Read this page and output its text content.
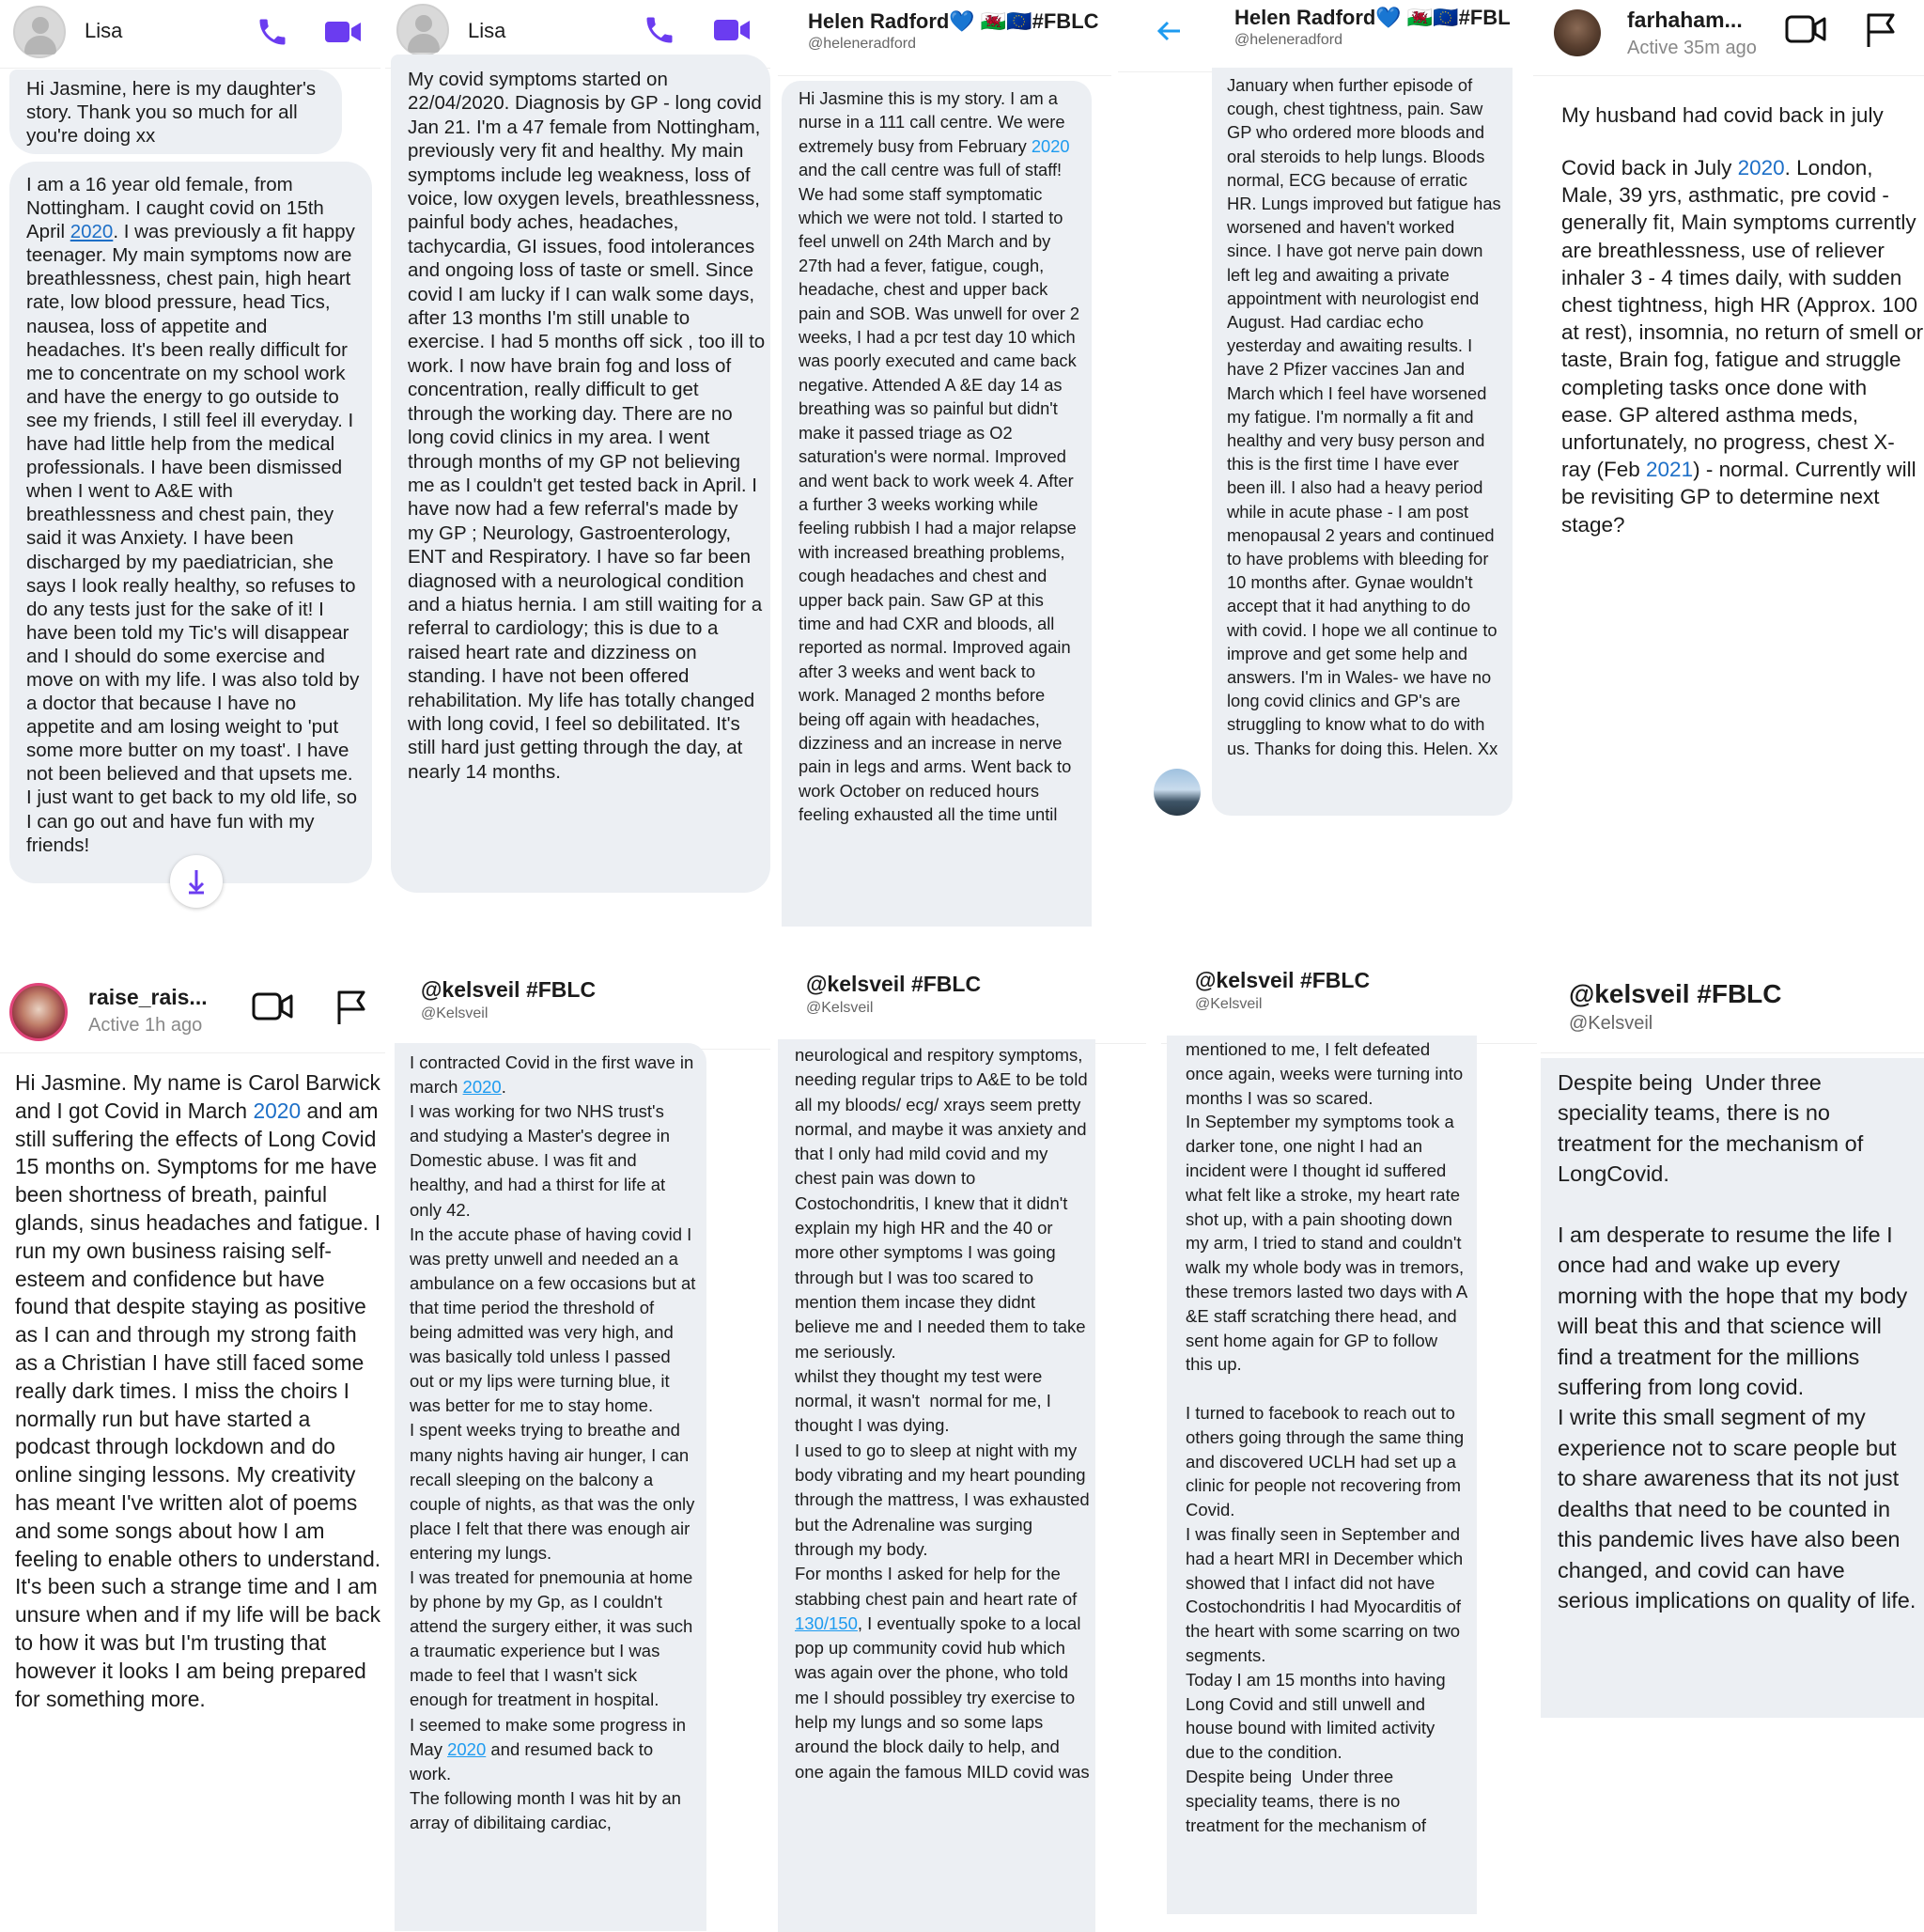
Lisa

Hi Jasmine, here is my daughter's story. Thank you so much for all you're doing xx

I am a 16 year old female, from Nottingham. I caught covid on 15th April 2020. I was previously a fit happy teenager. My main symptoms now are breathlessness, chest pain, high heart rate, low blood pressure, head Tics, nausea, loss of appetite and headaches. It's been really difficult for me to concentrate on my school work and have the energy to go outside to see my friends, I still feel ill everyday. I have had little help from the medical professionals. I have been dismissed when I went to A&E with breathlessness and chest pain, they said it was Anxiety. I have been discharged by my paediatrician, she says I look really healthy, so refuses to do any tests just for the sake of it! I have been told my Tic's will disappear and I should do some exercise and move on with my life. I was also told by a doctor that because I have no appetite and am losing weight to 'put some more butter on my toast'. I have not been believed and that upsets me. I just want to get back to my old life, so I can go out and have fun with my friends!

Lisa

My covid symptoms started on 22/04/2020. Diagnosis by GP - long covid Jan 21. I'm a 47 female from Nottingham, previously very fit and healthy. My main symptoms include leg weakness, loss of voice, low oxygen levels, breathlessness, painful body aches, headaches, tachycardia, GI issues, food intolerances and ongoing loss of taste or smell. Since covid I am lucky if I can walk some days, after 13 months I'm still unable to exercise. I had 5 months off sick , too ill to work. I now have brain fog and loss of concentration, really difficult to get through the working day. There are no long covid clinics in my area. I went through months of my GP not believing me as I couldn't get tested back in April. I have now had a few referral's made by my GP ; Neurology, Gastroenterology, ENT and Respiratory. I have so far been diagnosed with a neurological condition and a hiatus hernia. I am still waiting for a referral to cardiology; this is due to a raised heart rate and dizziness on standing. I have not been offered rehabilitation. My life has totally changed with long covid, I feel so debilitated. It's still hard just getting through the day, at nearly 14 months.

Helen Radford💙 🏴󠁧󠁢󠁷󠁬󠁳󠁿🇪🇺#FBLC
@heleneradford

Hi Jasmine this is my story. I am a nurse in a 111 call centre. We were extremely busy from February 2020 and the call centre was full of staff! We had some staff symptomatic which we were not told. I started to feel unwell on 24th March and by 27th had a fever, fatigue, cough, headache, chest and upper back pain and SOB. Was unwell for over 2 weeks, I had a pcr test day 10 which was poorly executed and came back negative. Attended A &E day 14 as breathing was so painful but didn't make it passed triage as O2 saturation's were normal. Improved and went back to work week 4. After a further 3 weeks working while feeling rubbish I had a major relapse with increased breathing problems, cough headaches and chest and upper back pain. Saw GP at this time and had CXR and bloods, all reported as normal. Improved again after 3 weeks and went back to work. Managed 2 months before being off again with headaches, dizziness and an increase in nerve pain in legs and arms. Went back to work October on reduced hours feeling exhausted all the time until

Helen Radford💙 🏴󠁧󠁢󠁷󠁬󠁳󠁿🇪🇺#FBL
@heleneradford

January when further episode of cough, chest tightness, pain. Saw GP who ordered more bloods and oral steroids to help lungs. Bloods normal, ECG because of erratic HR. Lungs improved but fatigue has worsened and haven't worked since. I have got nerve pain down left leg and awaiting a private appointment with neurologist end August. Had cardiac echo yesterday and awaiting results. I have 2 Pfizer vaccines Jan and March which I feel have worsened my fatigue. I'm normally a fit and healthy and very busy person and this is the first time I have ever been ill. I also had a heavy period while in acute phase - I am post menopausal 2 years and continued to have problems with bleeding for 10 months after. Gynae wouldn't accept that it had anything to do with covid. I hope we all continue to improve and get some help and answers. I'm in Wales- we have no long covid clinics and GP's are struggling to know what to do with us. Thanks for doing this. Helen. Xx

farhaham...
Active 35m ago

My husband had covid back in july

Covid back in July 2020. London, Male, 39 yrs, asthmatic, pre covid - generally fit, Main symptoms currently are breathlessness, use of reliever inhaler 3 - 4 times daily, with sudden chest tightness, high HR (Approx. 100 at rest), insomnia, no return of smell or taste, Brain fog, fatigue and struggle completing tasks once done with ease. GP altered asthma meds, unfortunately, no progress, chest X-ray (Feb 2021) - normal. Currently will be revisiting GP to determine next stage?

raise_rais...
Active 1h ago

Hi Jasmine. My name is Carol Barwick and I got Covid in March 2020 and am still suffering the effects of Long Covid 15 months on. Symptoms for me have been shortness of breath, painful glands, sinus headaches and fatigue. I run my own business raising self-esteem and confidence but have found that despite staying as positive as I can and through my strong faith as a Christian I have still faced some really dark times. I miss the choirs I normally run but have started a podcast through lockdown and do online singing lessons. My creativity has meant I've written alot of poems and some songs about how I am feeling to enable others to understand. It's been such a strange time and I am unsure when and if my life will be back to how it was but I'm trusting that however it looks I am being prepared for something more.

@kelsveil #FBLC
@Kelsveil

I contracted Covid in the first wave in march 2020.
I was working for two NHS trust's and studying a Master's degree in Domestic abuse. I was fit and healthy, and had a thirst for life at only 42.
In the accute phase of having covid I was pretty unwell and needed an a ambulance on a few occasions but at that time period the threshold of being admitted was very high, and was basically told unless I passed out or my lips were turning blue, it was better for me to stay home.
I spent weeks trying to breathe and many nights having air hunger, I can recall sleeping on the balcony a couple of nights, as that was the only  place I felt that there was enough air entering my lungs.
I was treated for pnemounia at home by phone by my Gp, as I couldn't attend the surgery either, it was such a traumatic experience but I was made to feel that I wasn't sick enough for treatment in hospital.
I seemed to make some progress in May 2020 and resumed back to work.
The following month I was hit by an array of dibilitaing cardiac,

@kelsveil #FBLC
@Kelsveil

neurological and respitory symptoms, needing regular trips to A&E to be told all my bloods/ ecg/ xrays seem pretty normal, and maybe it was anxiety and that I only had mild covid and my chest pain was down to Costochondritis, I knew that it didn't explain my high HR and the 40 or more other symptoms I was going through but I was too scared to mention them incase they didnt believe me and I needed them to take me seriously.
whilst they thought my test were normal, it wasn't  normal for me, I thought I was dying.
I used to go to sleep at night with my body vibrating and my heart pounding through the mattress, I was exhausted but the Adrenaline was surging through my body.
For months I asked for help for the stabbing chest pain and heart rate of 130/150, I eventually spoke to a local pop up community covid hub which was again over the phone, who told me I should possibley try exercise to help my lungs and so some laps around the block daily to help, and one again the famous MILD covid was

@kelsveil #FBLC
@Kelsveil

mentioned to me, I felt defeated once again, weeks were turning into months I was so scared.
In September my symptoms took a darker tone, one night I had an incident were I thought id suffered what felt like a stroke, my heart rate shot up, with a pain shooting down my arm, I tried to stand and couldn't walk my whole body was in tremors, these tremors lasted two days with A &E staff scratching there head, and sent home again for GP to follow this up.

I turned to facebook to reach out to others going through the same thing and discovered UCLH had set up a clinic for people not recovering from Covid.
I was finally seen in September and had a heart MRI in December which showed that I infact did not have Costochondritis I had Myocarditis of the heart with some scarring on two segments.
Today I am 15 months into having Long Covid and still unwell and house bound with limited activity due to the condition.
Despite being  Under three speciality teams, there is no treatment for the mechanism of

@kelsveil #FBLC
@Kelsveil

Despite being  Under three speciality teams, there is no treatment for the mechanism of LongCovid.

I am desperate to resume the life I once had and wake up every morning with the hope that my body will beat this and that science will find a treatment for the millions suffering from long covid.
I write this small segment of my experience not to scare people but to share awareness that its not just dealths that need to be counted in this pandemic lives have also been changed, and covid can have serious implications on quality of life.
